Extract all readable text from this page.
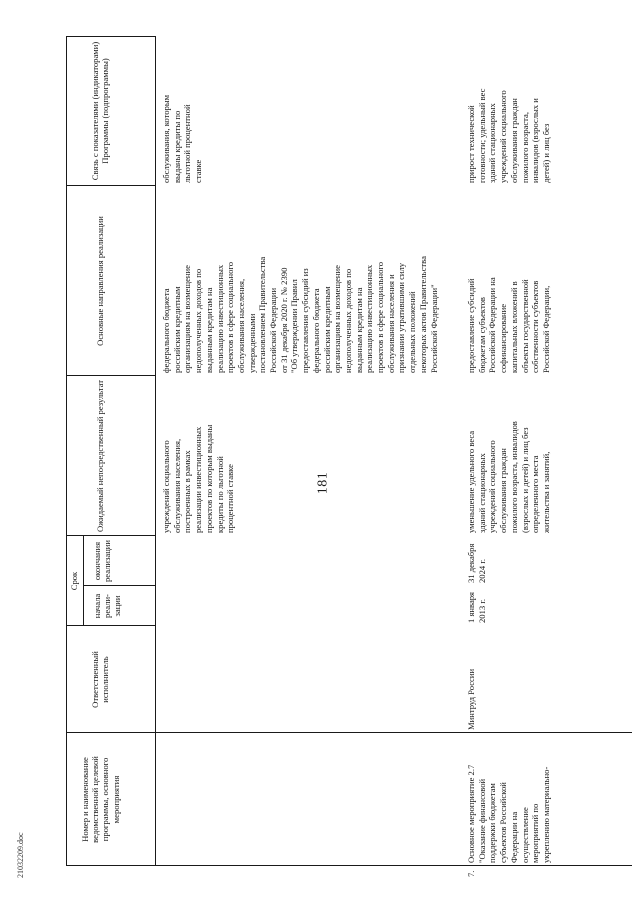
181
21032209.doc
Номер и наименование ведомственной целевой программы, основного мероприятия
Ответственный исполнитель
Срок
начала реали-зации
окончания реализации
Ожидаемый непосредственный результат
Основные направления реализации
Связь с показателями (индикаторами) Программы (подпрограммы)
учреждений социального
обслуживания населения,
построенных в рамках
реализации инвестиционных
проектов по которым выданы
кредиты по льготной
процентной ставке
федерального бюджета
российским кредитным
организациям на возмещение
недополученных доходов по
выданным кредитам на
реализацию инвестиционных
проектов в сфере социального
обслуживания населения,
утвержденными
постановлением Правительства
Российской Федерации
от 31 декабря 2020 г. № 2390
"Об утверждении Правил
предоставления субсидий из
федерального бюджета
российским кредитным
организациям на возмещение
недополученных доходов по
выданным кредитам на
реализацию инвестиционных
проектов в сфере социального
обслуживания населения и
признании утратившими силу
отдельных положений
некоторых актов Правительства
Российской Федерации"
обслуживания, которым
выданы кредиты по
льготной процентной
ставке
7.
Основное мероприятие 2.7
"Оказание финансовой
поддержки бюджетам
субъектов Российской
Федерации на
осуществление
мероприятий по
укреплению материально-
Минтруд России
1 января
2013 г.
31 декабря
2024 г.
уменьшение удельного веса
зданий стационарных
учреждений социального
обслуживания граждан
пожилого возраста, инвалидов
(взрослых и детей) и лиц без
определенного места
жительства и занятий,
предоставление субсидий
бюджетам субъектов
Российской Федерации на
софинансирование
капитальных вложений в
объекты государственной
собственности субъектов
Российской Федерации,
прирост технической
готовности; удельный вес
зданий стационарных
учреждений социального
обслуживания граждан
пожилого возраста,
инвалидов (взрослых и
детей) и лиц без
